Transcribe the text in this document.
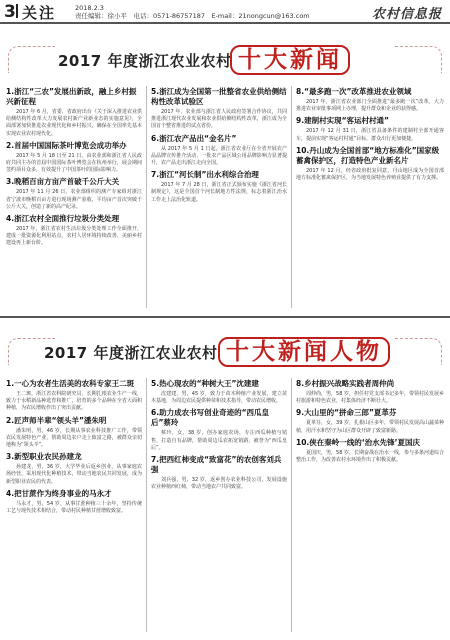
3 关注	2018.2.3
责任编辑：徐小平　电话：0571-86757187　E-mail：21nongcun@163.com	农村信息报
2017 年度浙江农业农村 十大新闻
1.浙江“三农”发展出新政，融上乡村振兴新征程

2017 年 6 月，省委、省政府出台《关于深入推进农业供给侧结构性改革大力发展农村新产业新业态的实施意见》，全面部署加快推进农业现代化和乡村振兴，确保在全国率先基本实现农业农村现代化。

2.首届中国国际茶叶博览会成功举办

2017 年 5 月 18 日至 21 日，由农业部和浙江省人民政府共同主办的首届中国国际茶叶博览会在杭州举行，展会期间签约项目众多，有效提升了中国茶叶的国际影响力。

3.晚稻百亩方亩产首破千公斤大关

2017 年 11 月 26 日，农业部组织的测产专家组对浙江省宁波市晚稻百亩方进行现场测产验收，平均亩产首次突破千公斤大关，创造了新的高产纪录。

4.浙江农村全面推行垃圾分类处理

2017 年，浙江省农村生活垃圾分类处理工作全面推开，建成一批资源化利用站点，农村人居环境持续改善，美丽乡村建设再上新台阶。

5.浙江成为全国第一批整省农业供给侧结构性改革试验区

2017 年，农业部与浙江省人民政府签署合作协议，共同推进浙江现代农业发展和农业供给侧结构性改革，浙江成为全国首个整省推进的试点省份。

6.浙江农产品出“金名片”

从 2017 年 5 月 1 日起，浙江省农业厅在全省开展农产品品牌宣传推介活动，一批农产品区域公用品牌影响力显著提升，农产品走出浙江走向全国。

7.浙江“河长制”出水利综合治理

2017 年 7 月 28 日，浙江省正式颁布实施《浙江省河长制规定》，这是全国首个河长制地方性法规，标志着浙江治水工作走上法治化轨道。

8.“最多跑一次”改革推进农业领域

2017 年，浙江省农业部门全面推进“最多跑一次”改革，大力推进农业审批事项网上办理，提升群众和企业的获得感。

9.建制村实现“客运村村通”

2017 年 12 月 31 日，浙江省具备条件的建制村全部开通客车，提前实现“客运村村通”目标，群众出行更加便捷。

10.丹山成为全国首部“地方标准化”国家级蓄禽保护区，打造特色产业新名片

2017 年 12 月，经省政府批复同意，丹山地区成为全国首部地方标准化蓄禽保护区，为当地发展特色养殖业提供了有力支撑。

2017 年度浙江农业农村 十大新闻人物
1.一心为农者生活美的农科专家王二斑

王二斑，浙江省农科院研究员，长期扎根农业生产一线，致力于水稻新品种选育和推广，培育的多个品种在全省大面积种植，为农民增收作出了突出贡献。

2.匠声师半辈“领头羊”潘朱明

潘朱明，男，46 岁，长期从事农业科技推广工作，带领农民发展特色产业，帮助周边农户走上致富之路，被群众亲切地称为“领头羊”。

3.新型职业农民孙建龙

孙建龙，男，36 岁，大学毕业后返乡创业，从事家庭农场经营，采用现代化种植技术，带动当地农民共同发展，成为新型职业农民的代表。

4.把甘蔗作为终身事业的马永才

马永才，男，54 岁，从事甘蔗种植三十余年，坚持传统工艺与现代技术相结合，带动村民种植甘蔗增收致富。

5.热心现农的“种树大王”沈建建

沈建建，男，45 岁，致力于苗木种植产业发展，建立苗木基地，为周边农民提供种苗和技术指导，带动农民增收。

6.助力成农书写创业奇迹的“西瓜皇后”蔡玲

蔡玲，女，38 岁，创办家庭农场，专注西瓜种植与销售，打造自有品牌，帮助周边瓜农拓宽销路，被誉为“西瓜皇后”。

7.把西红柿变成“致富花”的农创客刘兵强

刘兵强，男，32 岁，返乡创办农业科技公司，发展设施农业种植西红柿，带动当地农户共同致富。

8.乡村振兴战略实践者周仲尚

周仲尚，男，58 岁，担任村党支部书记多年，带领村民发展乡村旅游和特色农业，村集体经济不断壮大。

9.大山里的“拼命三郎”夏革芬

夏革芬，女，39 岁，扎根山区多年，带领村民发展高山蔬菜种植，用汗水和坚守为山区群众开辟了致富新路。

10.侠在秦岭一线的‘治水先锋’夏国庆

夏国庆，男，58 岁，长期奋战在治水一线，参与多条河道综合整治工作，为改善农村水环境作出了积极贡献。
